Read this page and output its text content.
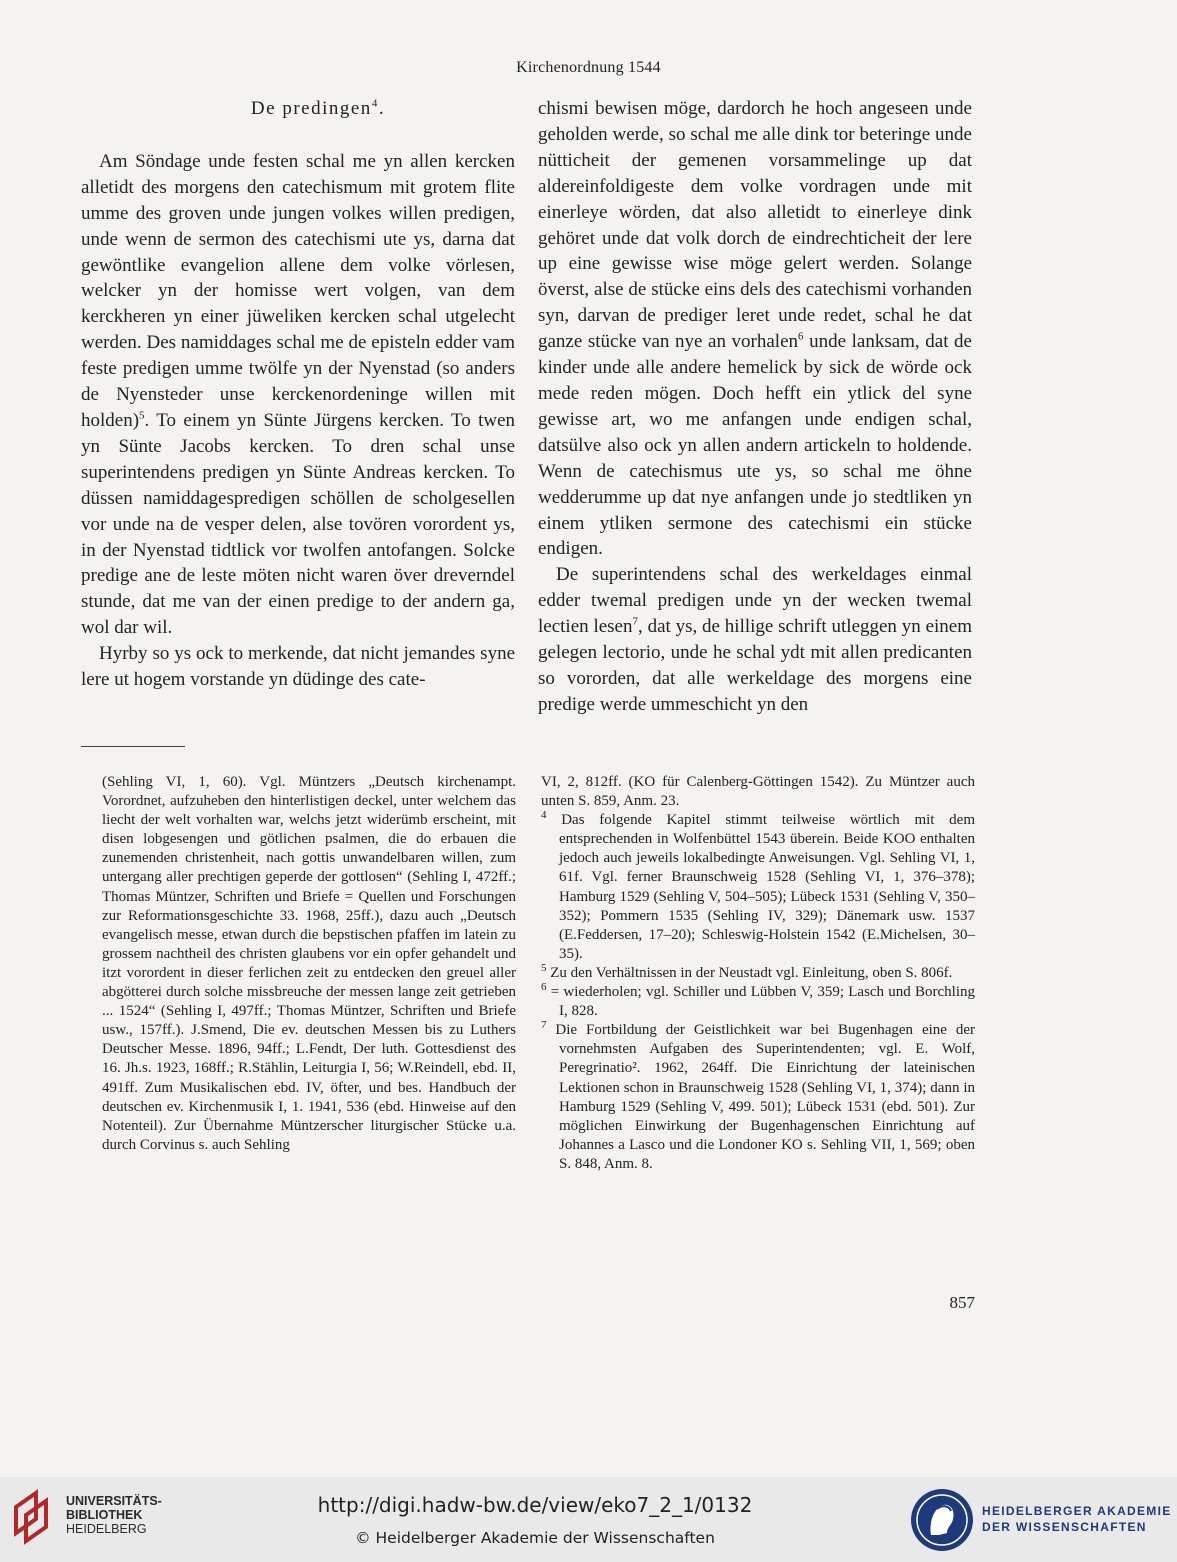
Kirchenordnung 1544
De predingen$^4$.

Am Söndage unde festen schal me yn allen kercken alletidt des morgens den catechismum mit grotem flite umme des groven unde jungen volkes willen predigen, unde wenn de sermon des catechismi ute ys, darna dat gewöntlike evangelion allene dem volke vörlesen, welcker yn der homisse wert volgen, van dem kerckheren yn einer jüweliken kercken schal utgelecht werden. Des namiddages schal me de episteln edder vam feste predigen umme twölfe yn der Nyenstad (so anders de Nyensteder unse kerckenordeninge willen mit holden)$^5$. To einem yn Sünte Jürgens kercken. To twen yn Sünte Jacobs kercken. To dren schal unse superintendens predigen yn Sünte Andreas kercken. To düssen namiddagespredigen schöllen de scholgesellen vor unde na de vesper delen, alse tovören vorordent ys, in der Nyenstad tidtlick vor twolfen antofangen. Solcke predige ane de leste möten nicht waren över dreverndel stunde, dat me van der einen predige to der andern ga, wol dar wil.

Hyrby so ys ock to merkende, dat nicht jemandes syne lere ut hogem vorstande yn düdinge des cate-

chismi bewisen möge, dardorch he hoch angeseen unde geholden werde, so schal me alle dink tor beteringe unde nütticheit der gemenen vorsammelinge up dat aldereinfoldigeste dem volke vordragen unde mit einerleye wörden, dat also alletidt to einerleye dink gehöret unde dat volk dorch de eindrechticheit der lere up eine gewisse wise möge gelert werden. Solange överst, alse de stücke eins dels des catechismi vorhanden syn, darvan de prediger leret unde redet, schal he dat ganze stücke van nye an vorhalen$^6$ unde lanksam, dat de kinder unde alle andere hemelick by sick de wörde ock mede reden mögen. Doch hefft ein ytlick del syne gewisse art, wo me anfangen unde endigen schal, datsülve also ock yn allen andern artickeln to holdende. Wenn de catechismus ute ys, so schal me öhne wedderumme up dat nye anfangen unde jo stedtliken yn einem ytliken sermone des catechismi ein stücke endigen.

De superintendens schal des werkeldages einmal edder twemal predigen unde yn der wecken twemal lectien lesen$^7$, dat ys, de hillige schrift utleggen yn einem gelegen lectorio, unde he schal ydt mit allen predicanten so vororden, dat alle werkeldage des morgens eine predige werde ummeschicht yn den

(Sehling VI, 1, 60). Vgl. Müntzers „Deutsch kirchenampt. Vorordnet, aufzuheben den hinterlistigen deckel, unter welchem das liecht der welt vorhalten war, welchs jetzt widerümb erscheint, mit disen lobgesengen und götlichen psalmen, die do erbauen die zunemenden christenheit, nach gottis unwandelbaren willen, zum untergang aller prechtigen geperde der gottlosen“ (Sehling I, 472ff.; Thomas Müntzer, Schriften und Briefe = Quellen und Forschungen zur Reformationsgeschichte 33. 1968, 25ff.), dazu auch „Deutsch evangelisch messe, etwan durch die bepstischen pfaffen im latein zu grossem nachtheil des christen glaubens vor ein opfer gehandelt und itzt vorordent in dieser ferlichen zeit zu entdecken den greuel aller abgötterei durch solche missbreuche der messen lange zeit getrieben ... 1524“ (Sehling I, 497ff.; Thomas Müntzer, Schriften und Briefe usw., 157ff.). J.Smend, Die ev. deutschen Messen bis zu Luthers Deutscher Messe. 1896, 94ff.; L.Fendt, Der luth. Gottesdienst des 16. Jh.s. 1923, 168ff.; R.Stählin, Leiturgia I, 56; W.Reindell, ebd. II, 491ff. Zum Musikalischen ebd. IV, öfter, und bes. Handbuch der deutschen ev. Kirchenmusik I, 1. 1941, 536 (ebd. Hinweise auf den Notenteil). Zur Übernahme Müntzerscher liturgischer Stücke u.a. durch Corvinus s. auch Sehling

VI, 2, 812ff. (KO für Calenberg-Göttingen 1542). Zu Müntzer auch unten S. 859, Anm. 23.

$^4$ Das folgende Kapitel stimmt teilweise wörtlich mit dem entsprechenden in Wolfenbüttel 1543 überein. Beide KOO enthalten jedoch auch jeweils lokalbedingte Anweisungen. Vgl. Sehling VI, 1, 61f. Vgl. ferner Braunschweig 1528 (Sehling VI, 1, 376–378); Hamburg 1529 (Sehling V, 504–505); Lübeck 1531 (Sehling V, 350–352); Pommern 1535 (Sehling IV, 329); Dänemark usw. 1537 (E.Feddersen, 17–20); Schleswig-Holstein 1542 (E.Michelsen, 30–35).

$^5$ Zu den Verhältnissen in der Neustadt vgl. Einleitung, oben S. 806f.

$^6$ = wiederholen; vgl. Schiller und Lübben V, 359; Lasch und Borchling I, 828.

$^7$ Die Fortbildung der Geistlichkeit war bei Bugenhagen eine der vornehmsten Aufgaben des Superintendenten; vgl. E. Wolf, Peregrinatio². 1962, 264ff. Die Einrichtung der lateinischen Lektionen schon in Braunschweig 1528 (Sehling VI, 1, 374); dann in Hamburg 1529 (Sehling V, 499. 501); Lübeck 1531 (ebd. 501). Zur möglichen Einwirkung der Bugenhagenschen Einrichtung auf Johannes a Lasco und die Londoner KO s. Sehling VII, 1, 569; oben S. 848, Anm. 8.

857
UNIVERSITÄTS-
BIBLIOTHEK
HEIDELBERG
http://digi.hadw-bw.de/view/eko7_2_1/0132
© Heidelberger Akademie der Wissenschaften
HEIDELBERGER AKADEMIE
DER WISSENSCHAFTEN
